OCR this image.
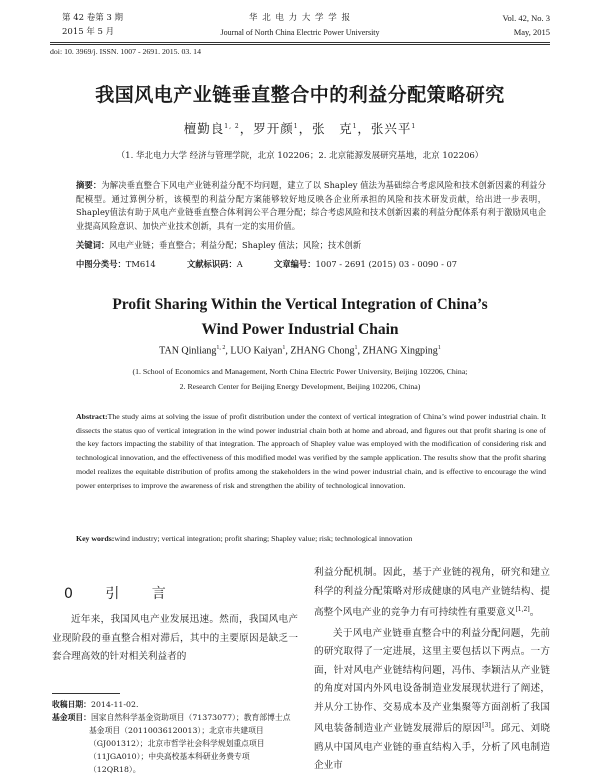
第 42 卷第 3 期
2015 年 5 月
华 北 电 力 大 学 学 报
Journal of North China Electric Power University
Vol. 42, No. 3
May, 2015
doi: 10. 3969/j. ISSN. 1007 - 2691. 2015. 03. 14
我国风电产业链垂直整合中的利益分配策略研究
檀勤良$^{1, 2}$，罗开颜$^1$，张　克$^1$，张兴平$^1$
（1. 华北电力大学 经济与管理学院，北京 102206；2. 北京能源发展研究基地，北京 102206）
摘要：为解决垂直整合下风电产业链利益分配不均问题，建立了以 Shapley 值法为基础综合考虑风险和技术创新因素的利益分配模型。通过算例分析，该模型的利益分配方案能够较好地反映各企业所承担的风险和技术研发贡献，给出进一步表明，Shapley值法有助于风电产业链垂直整合体利润公平合理分配；综合考虑风险和技术创新因素的利益分配体系有利于激励风电企业提高风险意识、加快产业技术创新，具有一定的实用价值。
关键词：风电产业链；垂直整合；利益分配；Shapley 值法；风险；技术创新
中图分类号：TM614	文献标识码：A	文章编号：1007 - 2691 (2015) 03 - 0090 - 07
Profit Sharing Within the Vertical Integration of China’s
Wind Power Industrial Chain
TAN Qinliang$^{1, 2}$, LUO Kaiyan$^1$, ZHANG Chong$^1$, ZHANG Xingping$^1$
(1. School of Economics and Management, North China Electric Power University, Beijing 102206, China;
2. Research Center for Beijing Energy Development, Beijing 102206, China)
Abstract:The study aims at solving the issue of profit distribution under the context of vertical integration of China’s wind power industrial chain. It dissects the status quo of vertical integration in the wind power industrial chain both at home and abroad, and figures out that profit sharing is one of the key factors impacting the stability of that integration. The approach of Shapley value was employed with the modification of considering risk and technological innovation, and the effectiveness of this modified model was verified by the sample application. The results show that the profit sharing model realizes the equitable distribution of profits among the stakeholders in the wind power industrial chain, and is effective to encourage the wind power enterprises to improve the awareness of risk and strengthen the ability of technological innovation.
Key words:wind industry; vertical integration; profit sharing; Shapley value; risk; technological innovation
0 引 言
近年来，我国风电产业发展迅速。然而，我国风电产业现阶段的垂直整合相对滞后，其中的主要原因是缺乏一套合理高效的针对相关利益者的
收稿日期：2014-11-02.
基金项目：国家自然科学基金资助项目（71373077）；教育部博士点基金项目（20110036120013）；北京市共建项目（GJ001312）；北京市哲学社会科学规划重点项目（11JGA010）；中央高校基本科研业务费专项（12QR18）。
利益分配机制。因此，基于产业链的视角，研究和建立科学的利益分配策略对形成健康的风电产业链结构、提高整个风电产业的竞争力有可持续性有重要意义[1,2]。
关于风电产业链垂直整合中的利益分配问题，先前的研究取得了一定进展，这里主要包括以下两点。一方面，针对风电产业链结构问题，冯伟、李颖沽从产业链的角度对国内外风电设备制造业发展现状进行了阐述，并从分工协作、交易成本及产业集聚等方面剖析了我国风电装备制造业产业链发展滞后的原因[3]。邱元、刘晓鸥从中国风电产业链的垂直结构入手，分析了风电制造企业市
